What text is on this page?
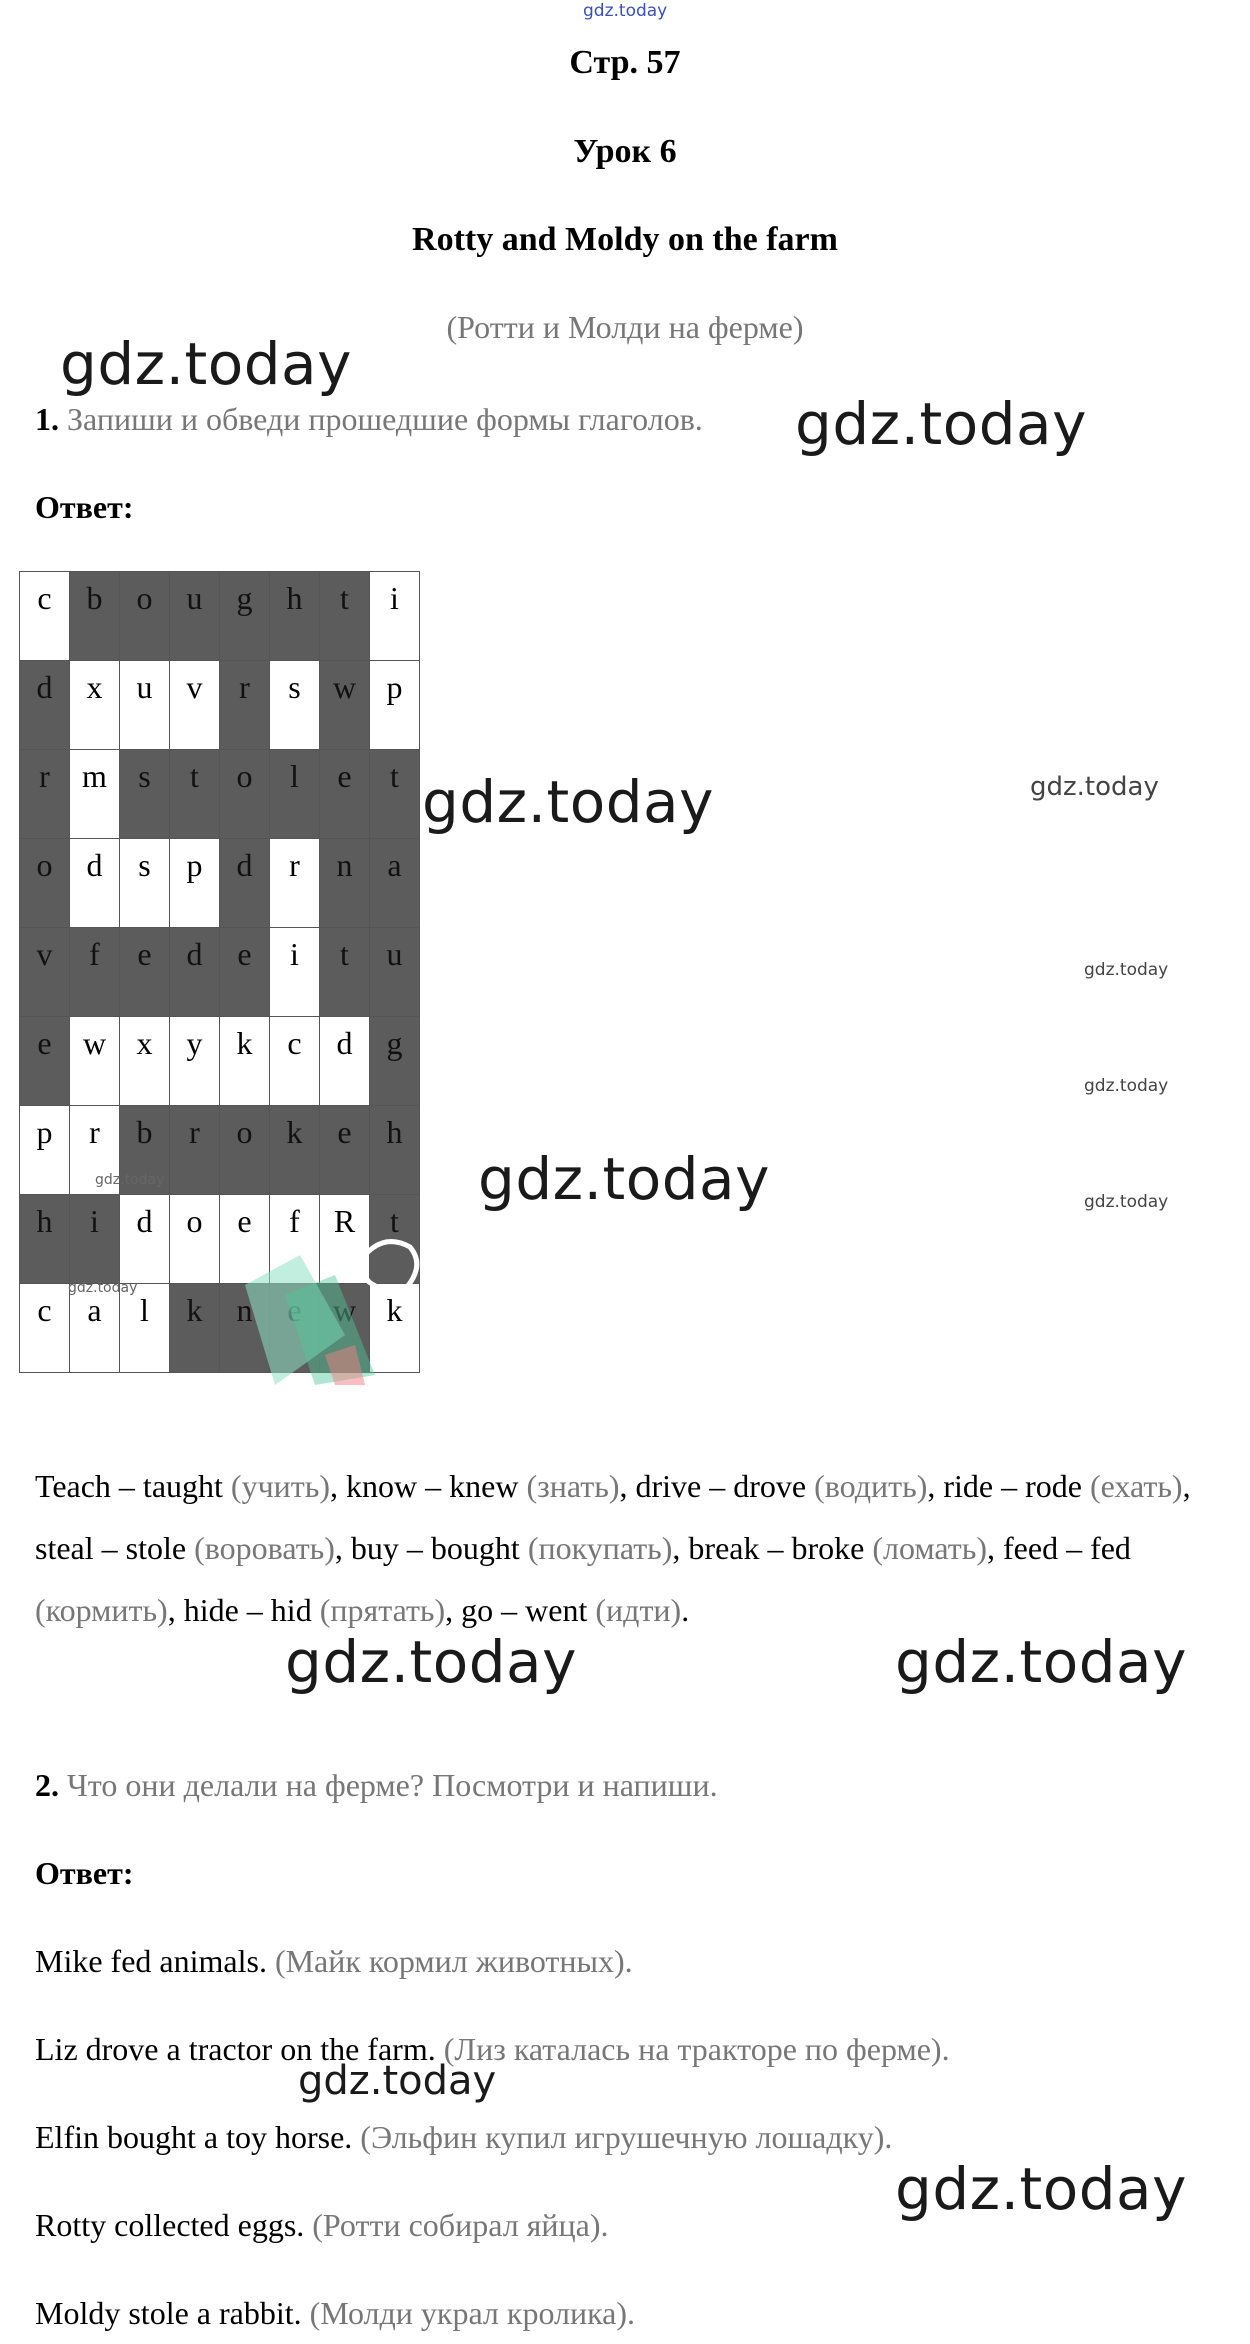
gdz.today
Стр. 57
Урок 6
Rotty and Moldy on the farm
(Ротти и Молди на ферме)
1. Запиши и обведи прошедшие формы глаголов.
Ответ:
c	b	o	u	g	h	t	i
d	x	u	v	r	s	w	p
r	m	s	t	o	l	e	t
o	d	s	p	d	r	n	a
v	f	e	d	e	i	t	u
e	w	x	y	k	c	d	g
p	r	b	r	o	k	e	h
h	i	d	o	e	f	R	t
c	a	l	k	n		w	k
Teach – taught (учить), know – knew (знать), drive – drove (водить), ride – rode (ехать), steal – stole (воровать), buy – bought (покупать), break – broke (ломать), feed – fed (кормить), hide – hid (прятать), go – went (идти).
2. Что они делали на ферме? Посмотри и напиши.
Ответ:
Mike fed animals. (Майк кормил животных).
Liz drove a tractor on the farm. (Лиз каталась на тракторе по ферме).
Elfin bought a toy horse. (Эльфин купил игрушечную лошадку).
Rotty collected eggs. (Ротти собирал яйца).
Moldy stole a rabbit. (Молди украл кролика).
gdz.today
gdz.today
gdz.today	gdz.today
gdz.today
gdz.today
gdz.today
gdz.today
gdz.today
gdz.today
gdz.today	gdz.today
gdz.today
gdz.today
